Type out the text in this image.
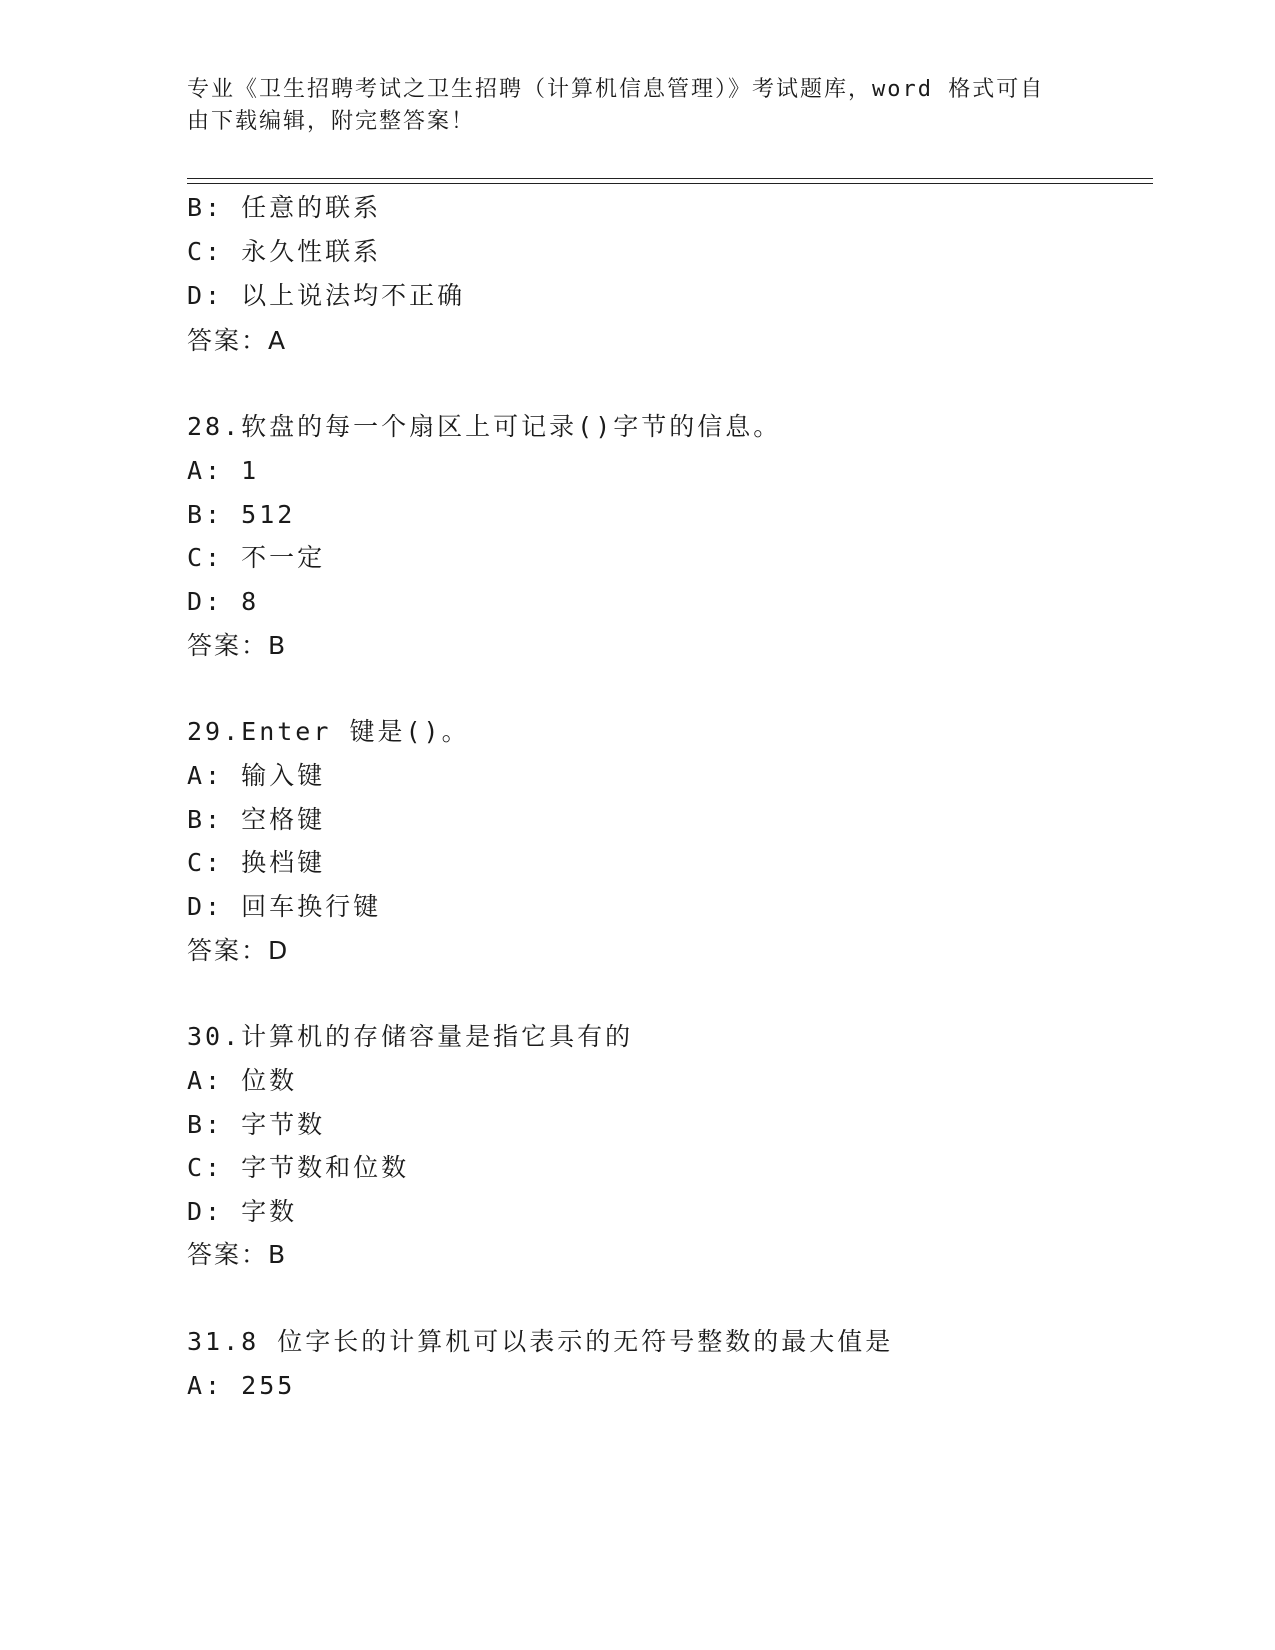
专业《卫生招聘考试之卫生招聘（计算机信息管理）》考试题库，word 格式可自
由下载编辑，附完整答案！
B: 任意的联系
C: 永久性联系
D: 以上说法均不正确
答案：A
28.软盘的每一个扇区上可记录()字节的信息。
A: 1
B: 512
C: 不一定
D: 8
答案：B
29.Enter 键是()。
A: 输入键
B: 空格键
C: 换档键
D: 回车换行键
答案：D
30.计算机的存储容量是指它具有的
A: 位数
B: 字节数
C: 字节数和位数
D: 字数
答案：B
31.8 位字长的计算机可以表示的无符号整数的最大值是
A: 255
